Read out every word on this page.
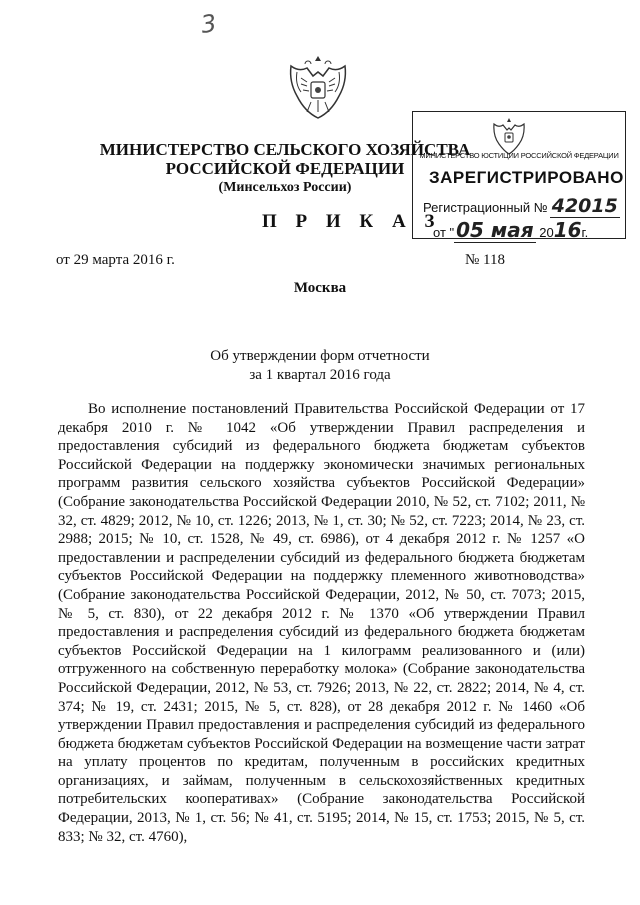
3
МИНИСТЕРСТВО СЕЛЬСКОГО ХОЗЯЙСТВА
РОССИЙСКОЙ ФЕДЕРАЦИИ
(Минсельхоз России)
МИНИСТЕРСТВО ЮСТИЦИИ РОССИЙСКОЙ ФЕДЕРАЦИИ
ЗАРЕГИСТРИРОВАНО
Регистрационный № 42015
от " 05 мая 2016г.
П Р И К А З
от 29 марта 2016 г.	№ 118
Москва
Об утверждении форм отчетности
за 1 квартал 2016 года
Во исполнение постановлений Правительства Российской Федерации от 17 декабря 2010 г. № 1042 «Об утверждении Правил распределения и предоставления субсидий из федерального бюджета бюджетам субъектов Российской Федерации на поддержку экономически значимых региональных программ развития сельского хозяйства субъектов Российской Федерации» (Собрание законодательства Российской Федерации 2010, № 52, ст. 7102; 2011, № 32, ст. 4829; 2012, № 10, ст. 1226; 2013, № 1, ст. 30; № 52, ст. 7223; 2014, № 23, ст. 2988; 2015; № 10, ст. 1528, № 49, ст. 6986), от 4 декабря 2012 г. № 1257 «О предоставлении и распределении субсидий из федерального бюджета бюджетам субъектов Российской Федерации на поддержку племенного животноводства» (Собрание законодательства Российской Федерации, 2012, № 50, ст. 7073; 2015, № 5, ст. 830), от 22 декабря 2012 г. № 1370 «Об утверждении Правил предоставления и распределения субсидий из федерального бюджета бюджетам субъектов Российской Федерации на 1 килограмм реализованного и (или) отгруженного на собственную переработку молока» (Собрание законодательства Российской Федерации, 2012, № 53, ст. 7926; 2013, № 22, ст. 2822; 2014, № 4, ст. 374; № 19, ст. 2431; 2015, № 5, ст. 828), от 28 декабря 2012 г. № 1460 «Об утверждении Правил предоставления и распределения субсидий из федерального бюджета бюджетам субъектов Российской Федерации на возмещение части затрат на уплату процентов по кредитам, полученным в российских кредитных организациях, и займам, полученным в сельскохозяйственных кредитных потребительских кооперативах» (Собрание законодательства Российской Федерации, 2013, № 1, ст. 56; № 41, ст. 5195; 2014, № 15, ст. 1753; 2015, № 5, ст. 833; № 32, ст. 4760),
